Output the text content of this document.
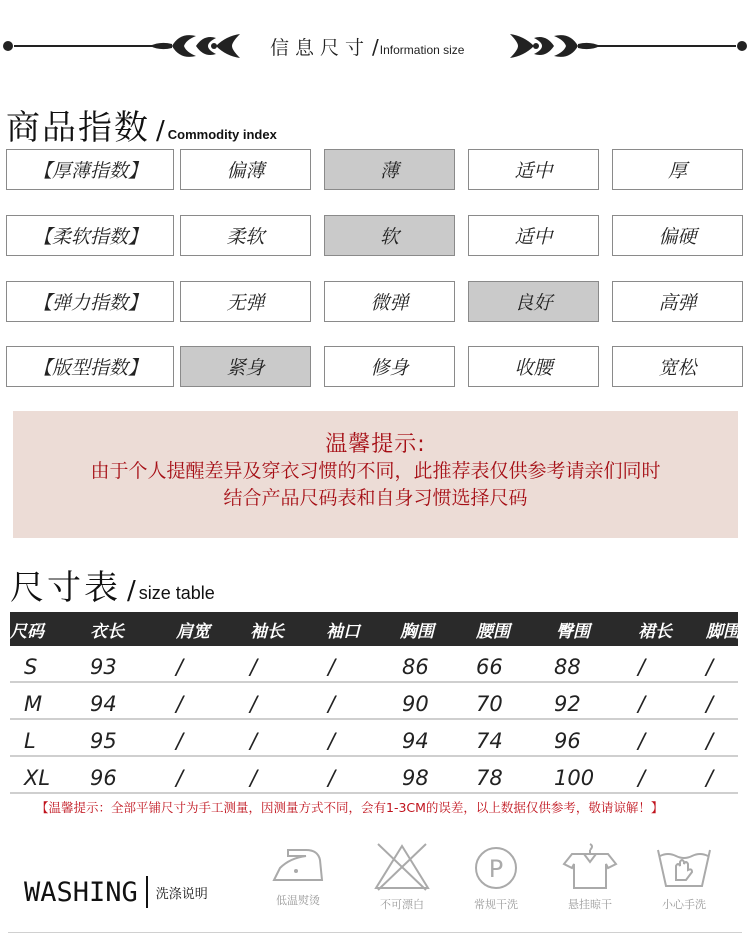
信息尺寸 / Information size
商品指数 / Commodity index
【厚薄指数】	偏薄	薄	适中	厚
【柔软指数】	柔软	软	适中	偏硬
【弹力指数】	无弹	微弹	良好	高弹
【版型指数】	紧身	修身	收腰	宽松
温馨提示:
由于个人提醒差异及穿衣习惯的不同，此推荐表仅供参考请亲们同时
结合产品尺码表和自身习惯选择尺码
尺寸表 / size table
尺码	衣长	肩宽 袖长 袖口 胸围 腰围	臀围	裙长 脚围
S	93	/	/	/	86 66 88	/	/
M 94	/	/	/	90 70 92	/	/
L	95	/	/	/	94 74 96	/	/
XL 96	/	/	/	98 78 100 /	/
【温馨提示：全部平铺尺寸为手工测量，因测量方式不同，会有1-3CM的误差，以上数据仅供参考，敬请谅解！】
WASHING 洗涤说明	低温熨烫	不可漂白
P
常规干洗	悬挂晾干	小心手洗
